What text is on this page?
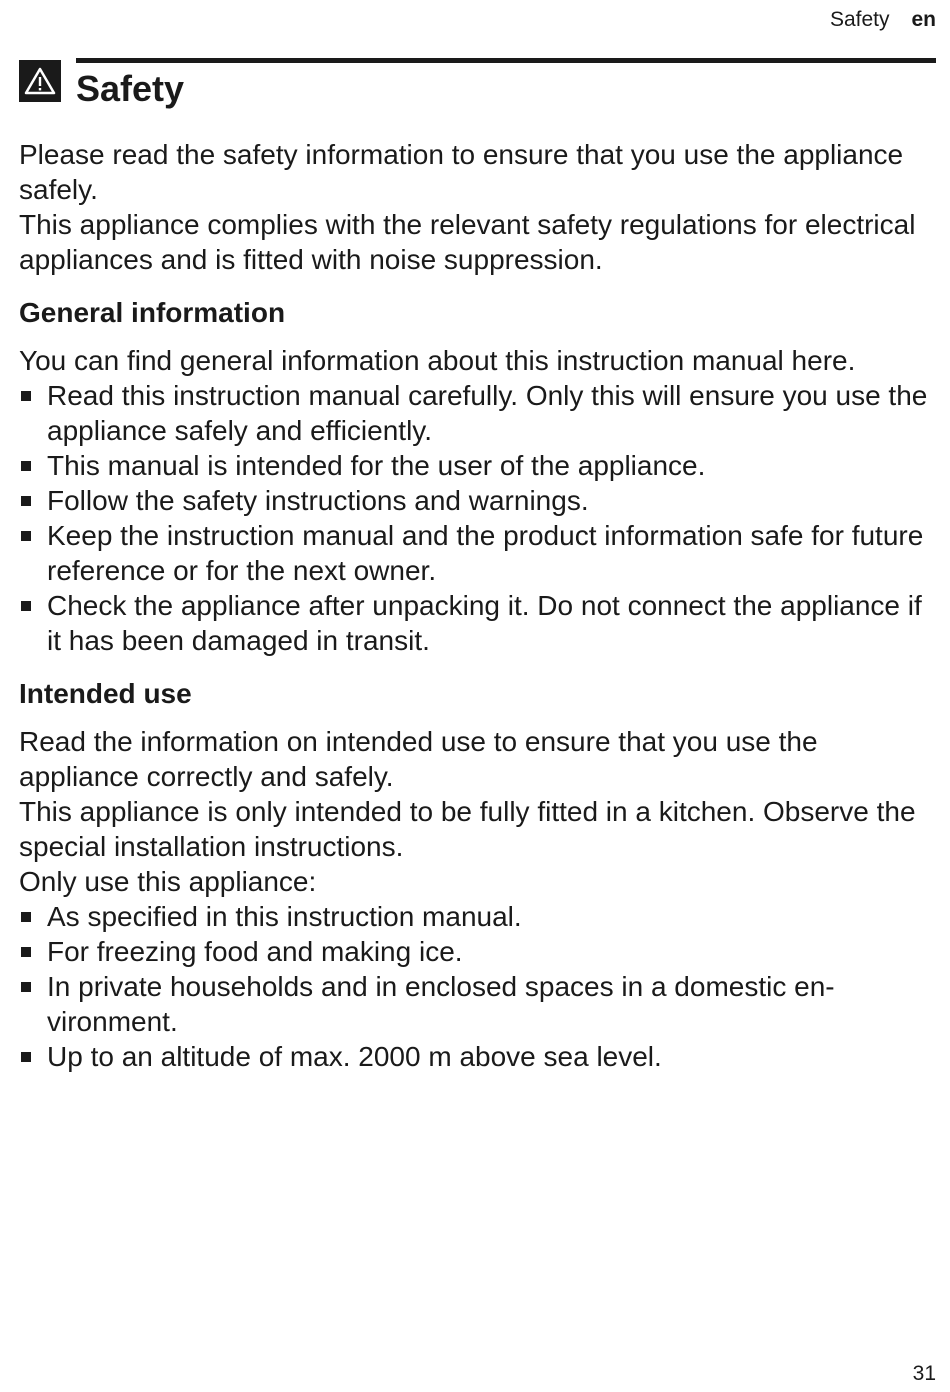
Safety en
Safety

Please read the safety information to ensure that you use the appliance safely.

This appliance complies with the relevant safety regulations for electrical appliances and is fitted with noise suppression.

General information

You can find general information about this instruction manual here.

Read this instruction manual carefully. Only this will ensure you use the appliance safely and efficiently.
This manual is intended for the user of the appliance.
Follow the safety instructions and warnings.
Keep the instruction manual and the product information safe for future reference or for the next owner.
Check the appliance after unpacking it. Do not connect the appliance if it has been damaged in transit.
Intended use

Read the information on intended use to ensure that you use the appliance correctly and safely.

This appliance is only intended to be fully fitted in a kitchen. Observe the special installation instructions.

Only use this appliance:

As specified in this instruction manual.
For freezing food and making ice.
In private households and in enclosed spaces in a domestic environment.
Up to an altitude of max. 2000 m above sea level.
31
